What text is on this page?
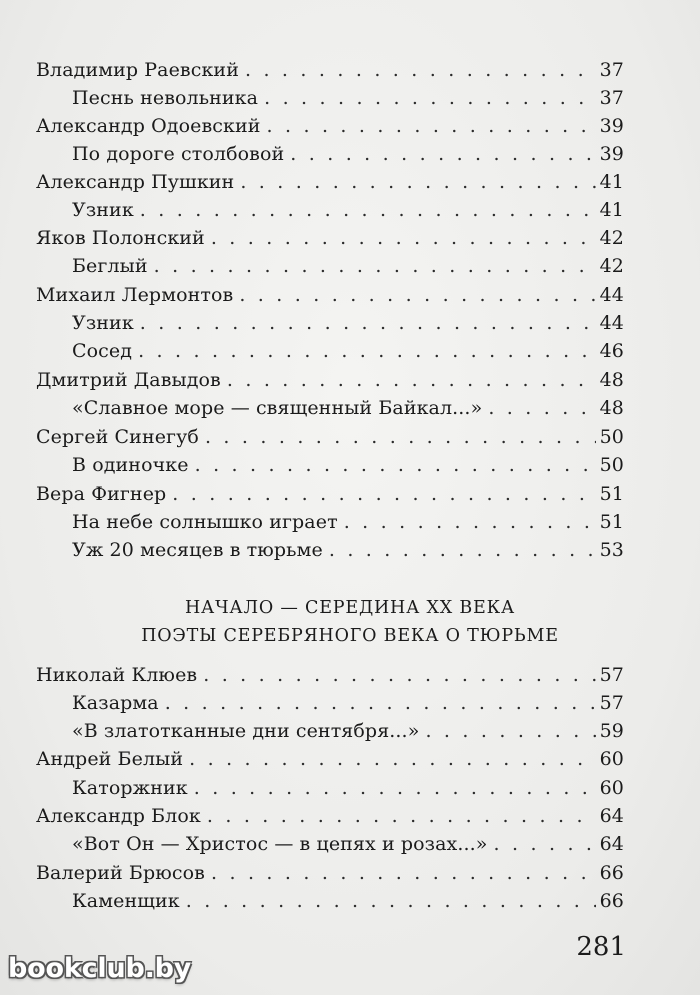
Владимир Раевский . . .	37
Песнь невольника . . .	37
Александр Одоевский . . .	39
По дороге столбовой . . .	39
Александр Пушкин . . .	41
Узник . . .	41
Яков Полонский . . .	42
Беглый . . .	42
Михаил Лермонтов . . .	44
Узник . . .	44
Сосед . . .	46
Дмитрий Давыдов . . .	48
«Славное море — священный Байкал...» . . .	48
Сергей Синегуб . . .	50
В одиночке . . .	50
Вера Фигнер . . .	51
На небе солнышко играет . . .	51
Уж 20 месяцев в тюрьме . . .	53
НАЧАЛО — СЕРЕДИНА XX ВЕКА
ПОЭТЫ СЕРЕБРЯНОГО ВЕКА О ТЮРЬМЕ
Николай Клюев . . .	57
Казарма . . .	57
«В златотканные дни сентября...» . . .	59
Андрей Белый . . .	60
Каторжник . . .	60
Александр Блок . . .	64
«Вот Он — Христос — в цепях и розах...» . . .	64
Валерий Брюсов . . .	66
Каменщик . . .	66
281
bookclub.by
